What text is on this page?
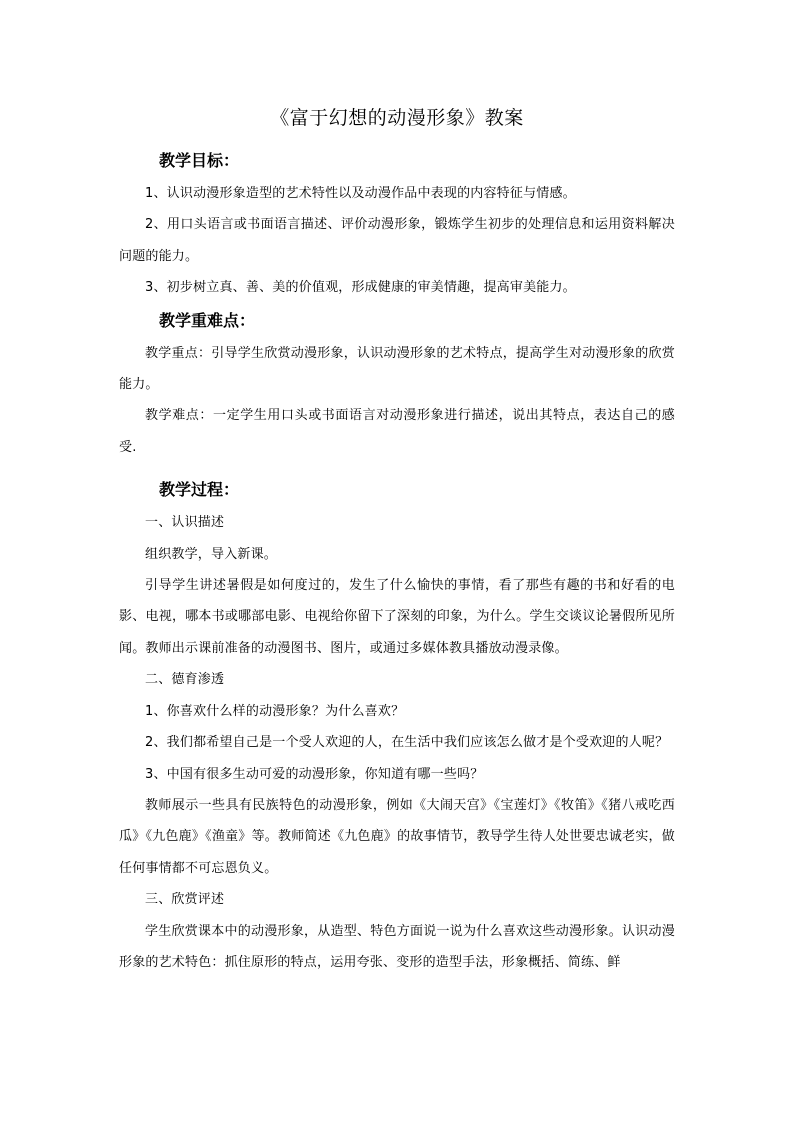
《富于幻想的动漫形象》教案
教学目标：

1、认识动漫形象造型的艺术特性以及动漫作品中表现的内容特征与情感。

2、用口头语言或书面语言描述、评价动漫形象，锻炼学生初步的处理信息和运用资料解决问题的能力。

3、初步树立真、善、美的价值观，形成健康的审美情趣，提高审美能力。

教学重难点：

教学重点：引导学生欣赏动漫形象，认识动漫形象的艺术特点，提高学生对动漫形象的欣赏能力。

教学难点：一定学生用口头或书面语言对动漫形象进行描述，说出其特点，表达自己的感受.

教学过程：

一、认识描述

组织教学，导入新课。

引导学生讲述暑假是如何度过的，发生了什么愉快的事情，看了那些有趣的书和好看的电影、电视，哪本书或哪部电影、电视给你留下了深刻的印象，为什么。学生交谈议论暑假所见所闻。教师出示课前准备的动漫图书、图片，或通过多媒体教具播放动漫录像。

二、德育渗透

1、你喜欢什么样的动漫形象？为什么喜欢？

2、我们都希望自己是一个受人欢迎的人，在生活中我们应该怎么做才是个受欢迎的人呢？

3、中国有很多生动可爱的动漫形象，你知道有哪一些吗？

教师展示一些具有民族特色的动漫形象，例如《大闹天宫》《宝莲灯》《牧笛》《猪八戒吃西瓜》《九色鹿》《渔童》等。教师简述《九色鹿》的故事情节，教导学生待人处世要忠诚老实，做任何事情都不可忘恩负义。

三、欣赏评述

学生欣赏课本中的动漫形象，从造型、特色方面说一说为什么喜欢这些动漫形象。认识动漫形象的艺术特色：抓住原形的特点，运用夸张、变形的造型手法，形象概括、简练、鲜
